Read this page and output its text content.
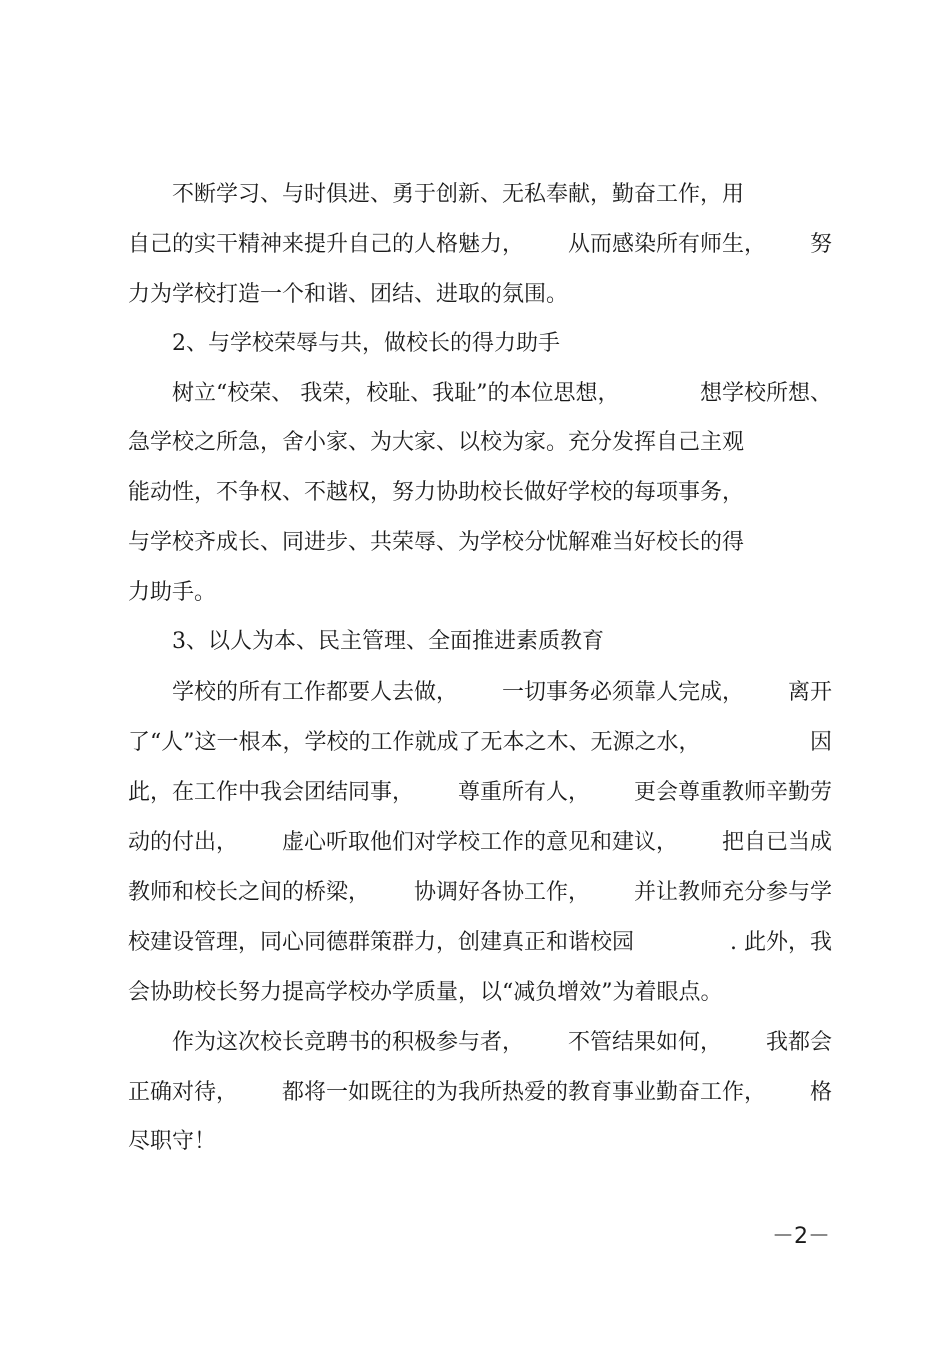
　　不断学习、与时俱进、勇于创新、无私奉献，勤奋工作，用
自己的实干精神来提升自己的人格魅力， 从而感染所有师生， 努
力为学校打造一个和谐、团结、进取的氛围。
　　2、与学校荣辱与共，做校长的得力助手
　　树立“校荣、 我荣，校耻、我耻”的本位思想，	想学校所想、
急学校之所急，舍小家、为大家、以校为家。充分发挥自己主观
能动性，不争权、不越权，努力协助校长做好学校的每项事务，
与学校齐成长、同进步、共荣辱、为学校分忧解难当好校长的得
力助手。
　　3、以人为本、民主管理、全面推进素质教育
　　学校的所有工作都要人去做， 一切事务必须靠人完成， 离开
了“人”这一根本，学校的工作就成了无本之木、无源之水，	因
此，在工作中我会团结同事， 尊重所有人， 更会尊重教师辛勤劳
动的付出， 虚心听取他们对学校工作的意见和建议， 把自已当成
教师和校长之间的桥梁， 协调好各协工作， 并让教师充分参与学
校建设管理，同心同德群策群力，创建真正和谐校园	. 此外，我
会协助校长努力提高学校办学质量，以“减负增效”为着眼点。
　　作为这次校长竞聘书的积极参与者， 不管结果如何， 我都会
正确对待， 都将一如既往的为我所热爱的教育事业勤奋工作， 格
尽职守！
－2－
